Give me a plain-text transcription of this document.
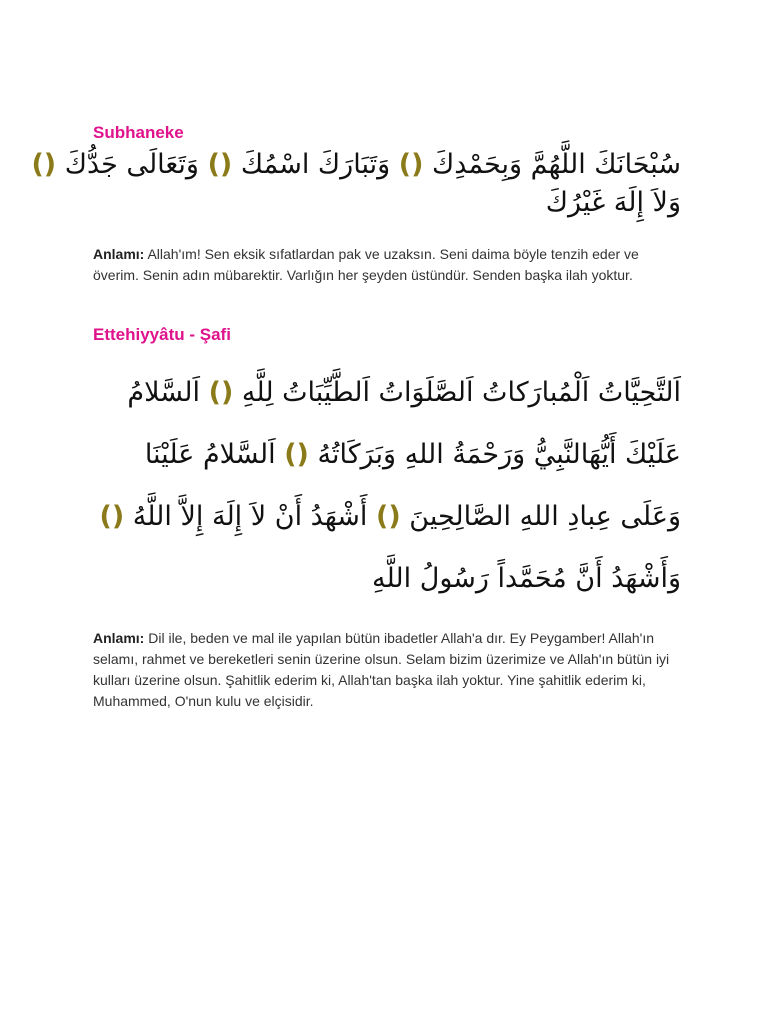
Subhaneke
سُبْحَانَكَ اللَّهُمَّ وَبِحَمْدِكَ () وَتَبَارَكَ اسْمُكَ () وَتَعَالَى جَدُّكَ ()
وَلاَ إِلَهَ غَيْرُكَ

Anlamı: Allah'ım! Sen eksik sıfatlardan pak ve uzaksın. Seni daima böyle tenzih eder ve överim. Senin adın mübarektir. Varlığın her şeyden üstündür. Senden başka ilah yoktur.

Ettehiyyâtu - Şafi
اَلتَّحِيَّاتُ اَلْمُبارَكاتُ اَلصَّلَوَاتُ اَلطَّيِّبَاتُ لِلَّهِ () اَلسَّلامُ
عَلَيْكَ أَيُّهَالنَّبِيُّ وَرَحْمَةُ اللهِ وَبَرَكَاتُهُ () اَلسَّلامُ عَلَيْنَا
وَعَلَى عِبادِ اللهِ الصَّالِحِينَ () أَشْهَدُ أَنْ لاَ إِلَهَ إِلاَّ اللَّهُ ()
وَأَشْهَدُ أَنَّ مُحَمَّداً رَسُولُ اللَّهِ

Anlamı: Dil ile, beden ve mal ile yapılan bütün ibadetler Allah'a dır. Ey Peygamber! Allah'ın selamı, rahmet ve bereketleri senin üzerine olsun. Selam bizim üzerimize ve Allah'ın bütün iyi kulları üzerine olsun. Şahitlik ederim ki, Allah'tan başka ilah yoktur. Yine şahitlik ederim ki, Muhammed, O'nun kulu ve elçisidir.
